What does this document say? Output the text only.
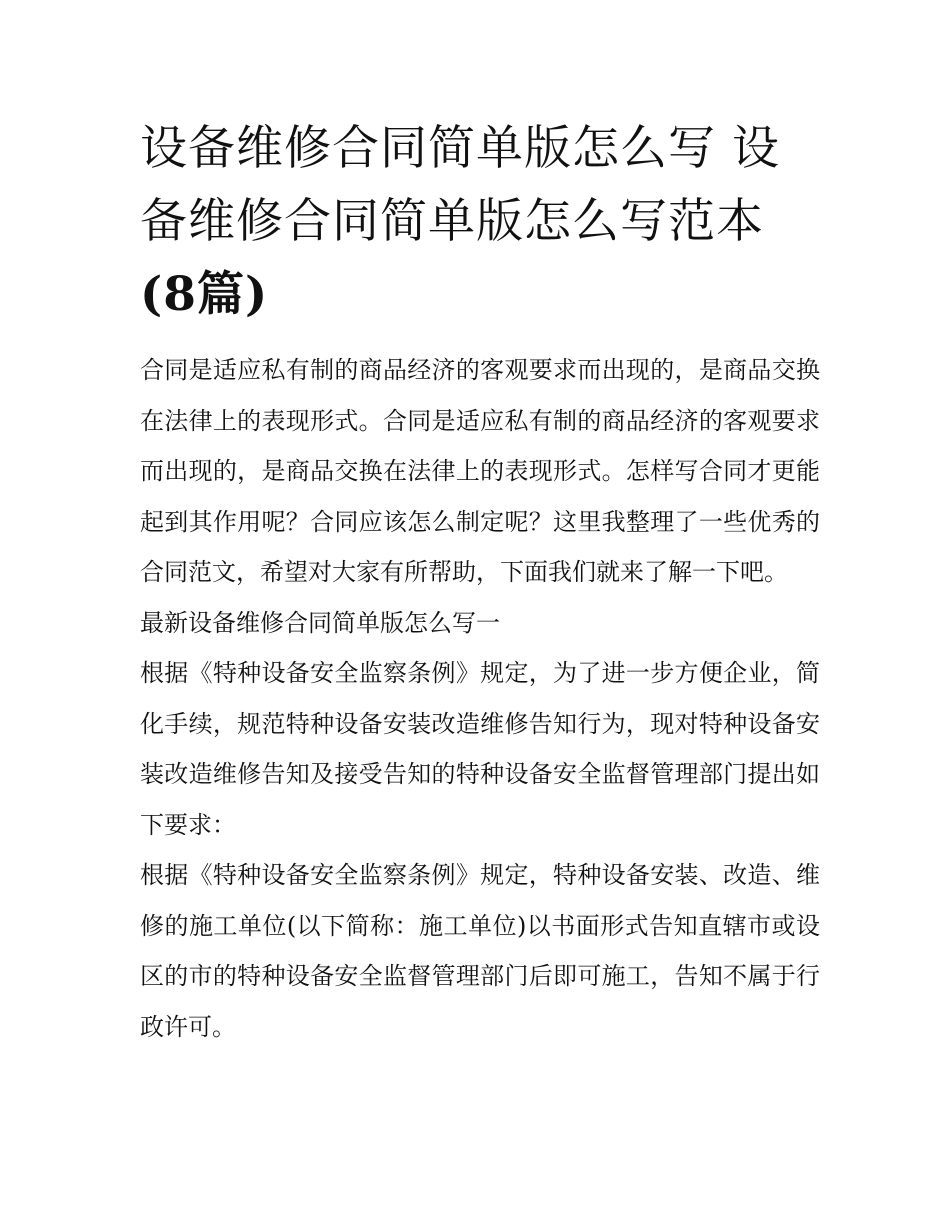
设备维修合同简单版怎么写 设备维修合同简单版怎么写范本(8篇)

合同是适应私有制的商品经济的客观要求而出现的，是商品交换在法律上的表现形式。合同是适应私有制的商品经济的客观要求而出现的，是商品交换在法律上的表现形式。怎样写合同才更能起到其作用呢？合同应该怎么制定呢？这里我整理了一些优秀的合同范文，希望对大家有所帮助，下面我们就来了解一下吧。

最新设备维修合同简单版怎么写一

根据《特种设备安全监察条例》规定，为了进一步方便企业，简化手续，规范特种设备安装改造维修告知行为，现对特种设备安装改造维修告知及接受告知的特种设备安全监督管理部门提出如下要求：

根据《特种设备安全监察条例》规定，特种设备安装、改造、维修的施工单位(以下简称：施工单位)以书面形式告知直辖市或设区的市的特种设备安全监督管理部门后即可施工，告知不属于行政许可。
